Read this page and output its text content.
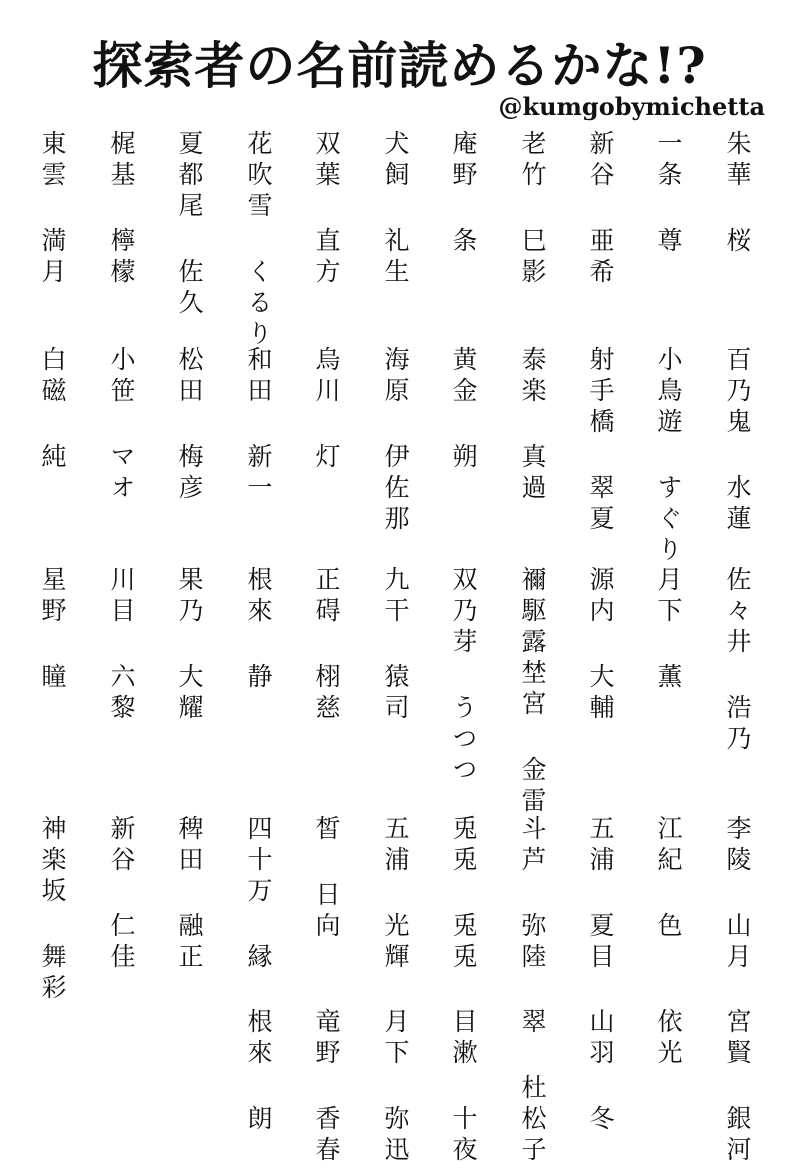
探索者の名前読めるかな!?
@kumgobymichetta
朱華 桜
一条 尊
新谷 亜希
老竹 巳影
庵野 条
犬飼 礼生
双葉 直方
花吹雪 くるり
夏都尾 佐久
梶基 檸檬
東雲 満月
百乃鬼 水蓮
小鳥遊 すぐり
射手橋 翠夏
泰楽 真過
黄金 朔
海原 伊佐那
烏川 灯
和田 新一
松田 梅彦
小笹 マオ
白磁 純
佐々井 浩乃
月下 薫
源内 大輔
禰駆露埜宮 金雷
双乃芽 うつつ
九干 猿司
正碍 栩慈
根來 静
果乃 大耀
川目 六黎
星野 瞳
李陵 山月
江紀 色
五浦 夏目
斗芦 弥陸
兎兎 兎兎
五浦 光輝
皙 日向
四十万 縁
稗田 融正
新谷 仁佳
神楽坂 舞彩
宮賢 銀河
依光
山羽 冬
翠 杜松子
目漱 十夜
月下 弥迅
竜野 香春
根來 朗
